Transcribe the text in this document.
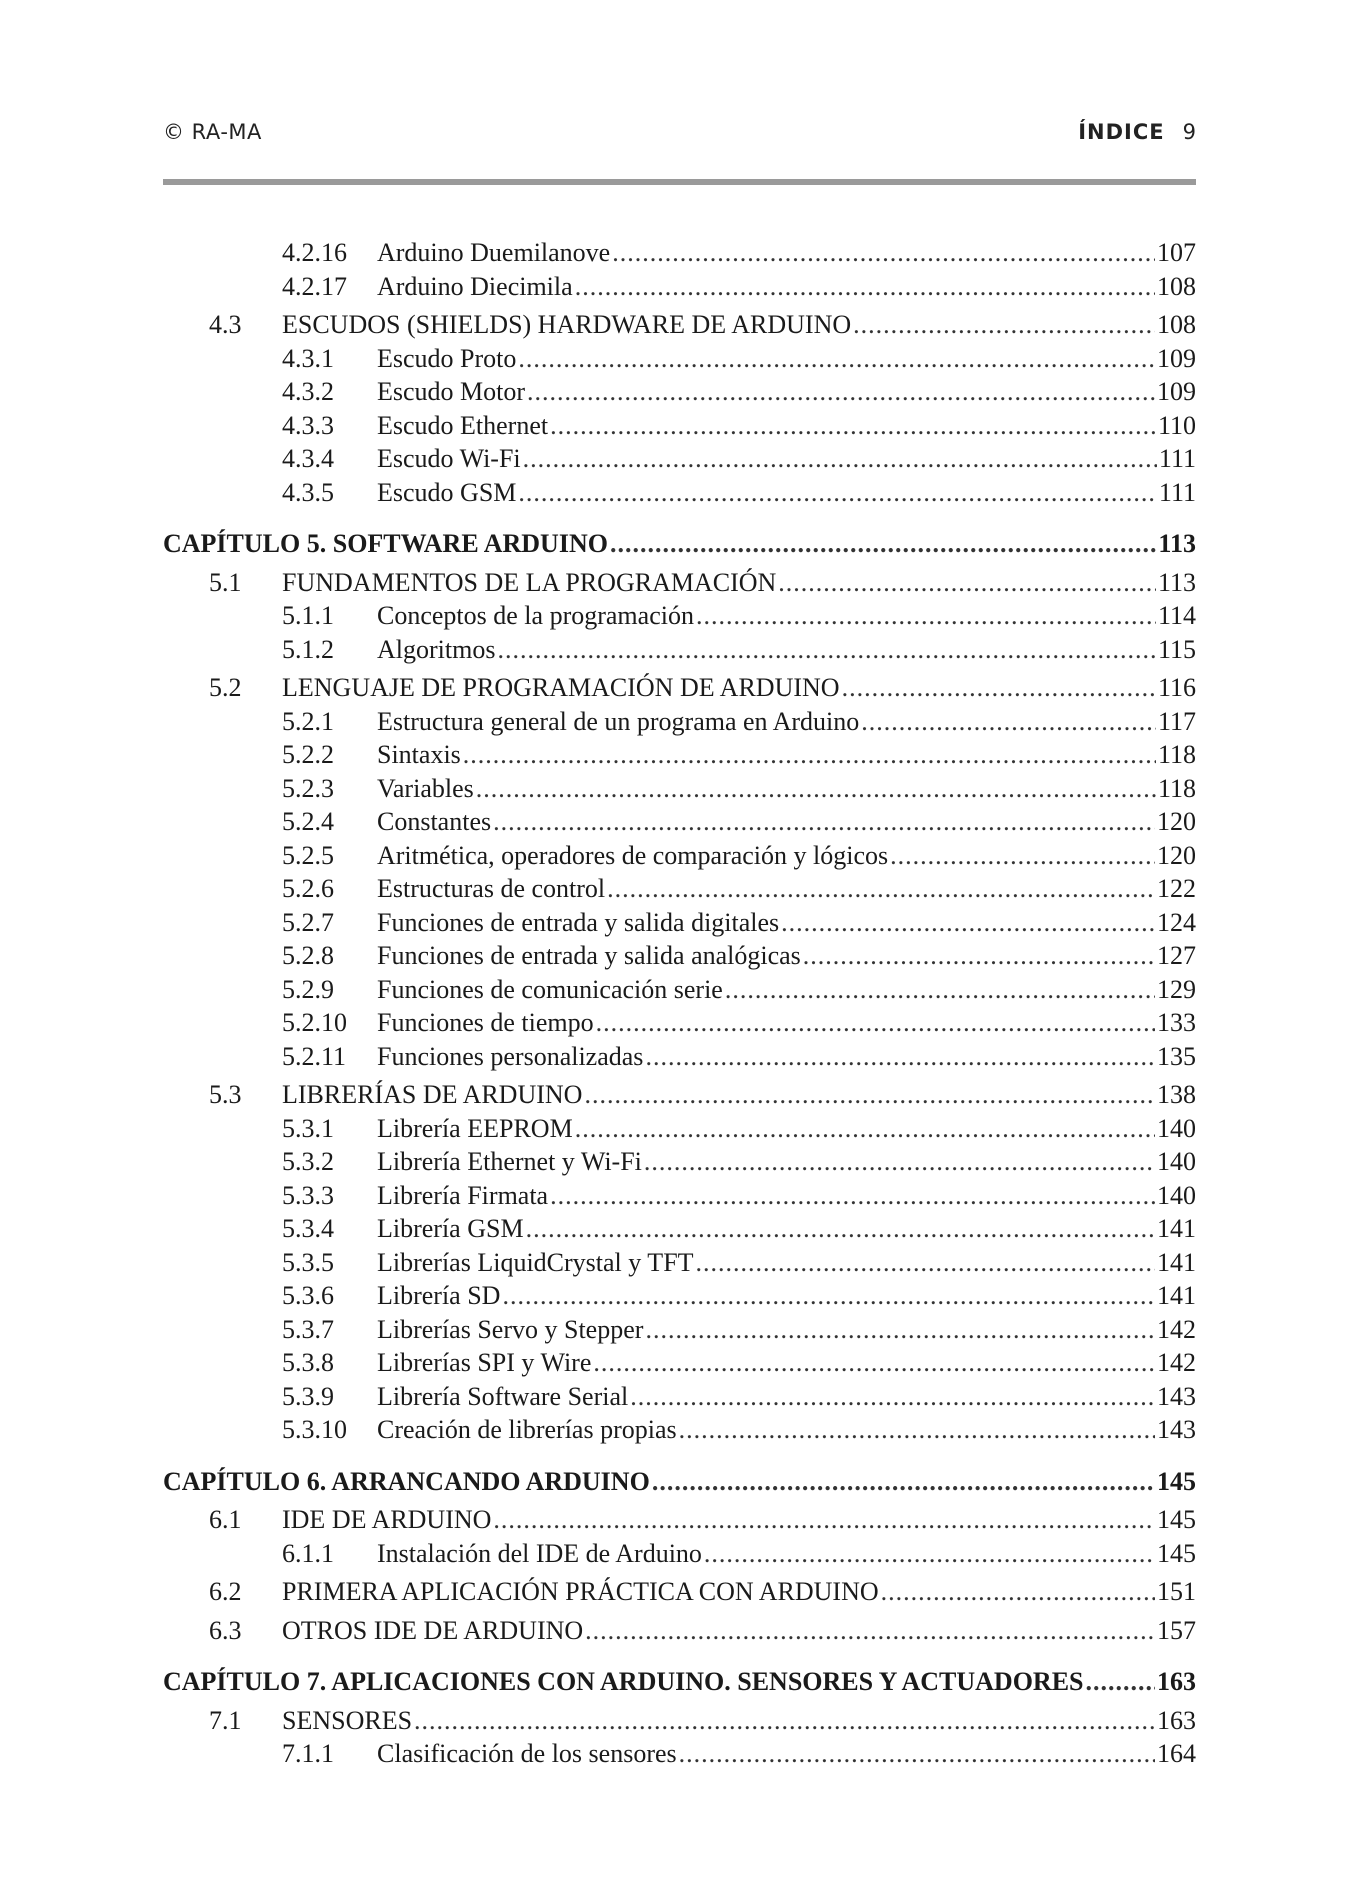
© RA-MA	ÍNDICE 9
4.2.16	Arduino Duemilanove .....	107
4.2.17	Arduino Diecimila .....	108
4.3	ESCUDOS (SHIELDS) HARDWARE DE ARDUINO .....	108
4.3.1	Escudo Proto .....	109
4.3.2	Escudo Motor .....	109
4.3.3	Escudo Ethernet .....	110
4.3.4	Escudo Wi-Fi .....	111
4.3.5	Escudo GSM .....	111
CAPÍTULO 5. SOFTWARE ARDUINO .....	113
5.1	FUNDAMENTOS DE LA PROGRAMACIÓN .....	113
5.1.1	Conceptos de la programación .....	114
5.1.2	Algoritmos .....	115
5.2	LENGUAJE DE PROGRAMACIÓN DE ARDUINO .....	116
5.2.1	Estructura general de un programa en Arduino .....	117
5.2.2	Sintaxis .....	118
5.2.3	Variables .....	118
5.2.4	Constantes .....	120
5.2.5	Aritmética, operadores de comparación y lógicos .....	120
5.2.6	Estructuras de control .....	122
5.2.7	Funciones de entrada y salida digitales .....	124
5.2.8	Funciones de entrada y salida analógicas .....	127
5.2.9	Funciones de comunicación serie .....	129
5.2.10	Funciones de tiempo .....	133
5.2.11	Funciones personalizadas .....	135
5.3	LIBRERÍAS DE ARDUINO .....	138
5.3.1	Librería EEPROM .....	140
5.3.2	Librería Ethernet y Wi-Fi .....	140
5.3.3	Librería Firmata .....	140
5.3.4	Librería GSM .....	141
5.3.5	Librerías LiquidCrystal y TFT .....	141
5.3.6	Librería SD .....	141
5.3.7	Librerías Servo y Stepper .....	142
5.3.8	Librerías SPI y Wire .....	142
5.3.9	Librería Software Serial .....	143
5.3.10	Creación de librerías propias .....	143
CAPÍTULO 6. ARRANCANDO ARDUINO .....	145
6.1	IDE DE ARDUINO .....	145
6.1.1	Instalación del IDE de Arduino .....	145
6.2	PRIMERA APLICACIÓN PRÁCTICA CON ARDUINO .....	151
6.3	OTROS IDE DE ARDUINO .....	157
CAPÍTULO 7. APLICACIONES CON ARDUINO. SENSORES Y ACTUADORES .....	163
7.1	SENSORES .....	163
7.1.1	Clasificación de los sensores .....	164
